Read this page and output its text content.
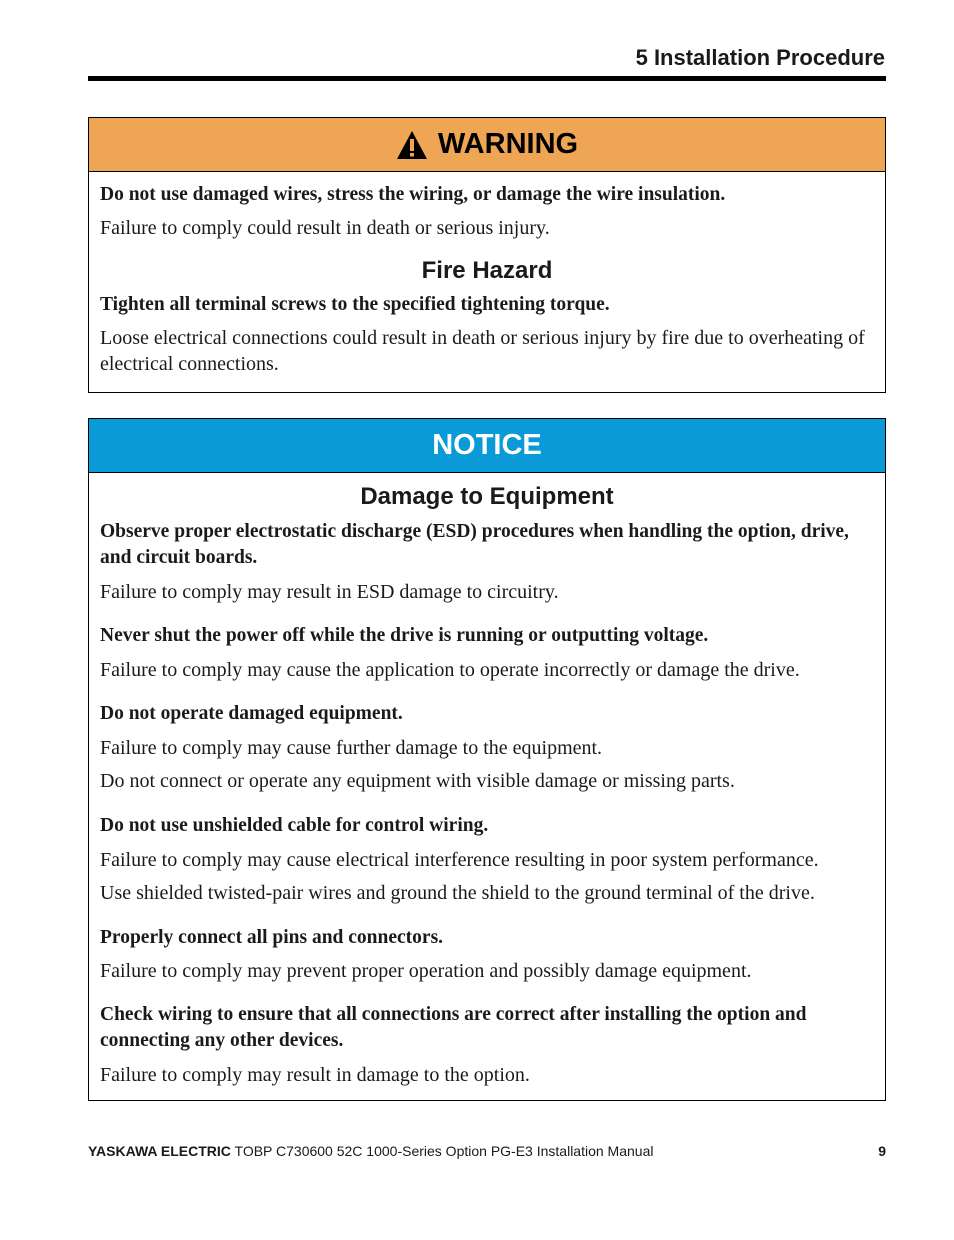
5 Installation Procedure
WARNING

Do not use damaged wires, stress the wiring, or damage the wire insulation.

Failure to comply could result in death or serious injury.

Fire Hazard

Tighten all terminal screws to the specified tightening torque.

Loose electrical connections could result in death or serious injury by fire due to overheating of electrical connections.

NOTICE

Damage to Equipment

Observe proper electrostatic discharge (ESD) procedures when handling the option, drive, and circuit boards.

Failure to comply may result in ESD damage to circuitry.

Never shut the power off while the drive is running or outputting voltage.

Failure to comply may cause the application to operate incorrectly or damage the drive.

Do not operate damaged equipment.

Failure to comply may cause further damage to the equipment.

Do not connect or operate any equipment with visible damage or missing parts.

Do not use unshielded cable for control wiring.

Failure to comply may cause electrical interference resulting in poor system performance.

Use shielded twisted-pair wires and ground the shield to the ground terminal of the drive.

Properly connect all pins and connectors.

Failure to comply may prevent proper operation and possibly damage equipment.

Check wiring to ensure that all connections are correct after installing the option and connecting any other devices.

Failure to comply may result in damage to the option.

YASKAWA ELECTRIC TOBP C730600 52C 1000-Series Option PG-E3 Installation Manual	9
